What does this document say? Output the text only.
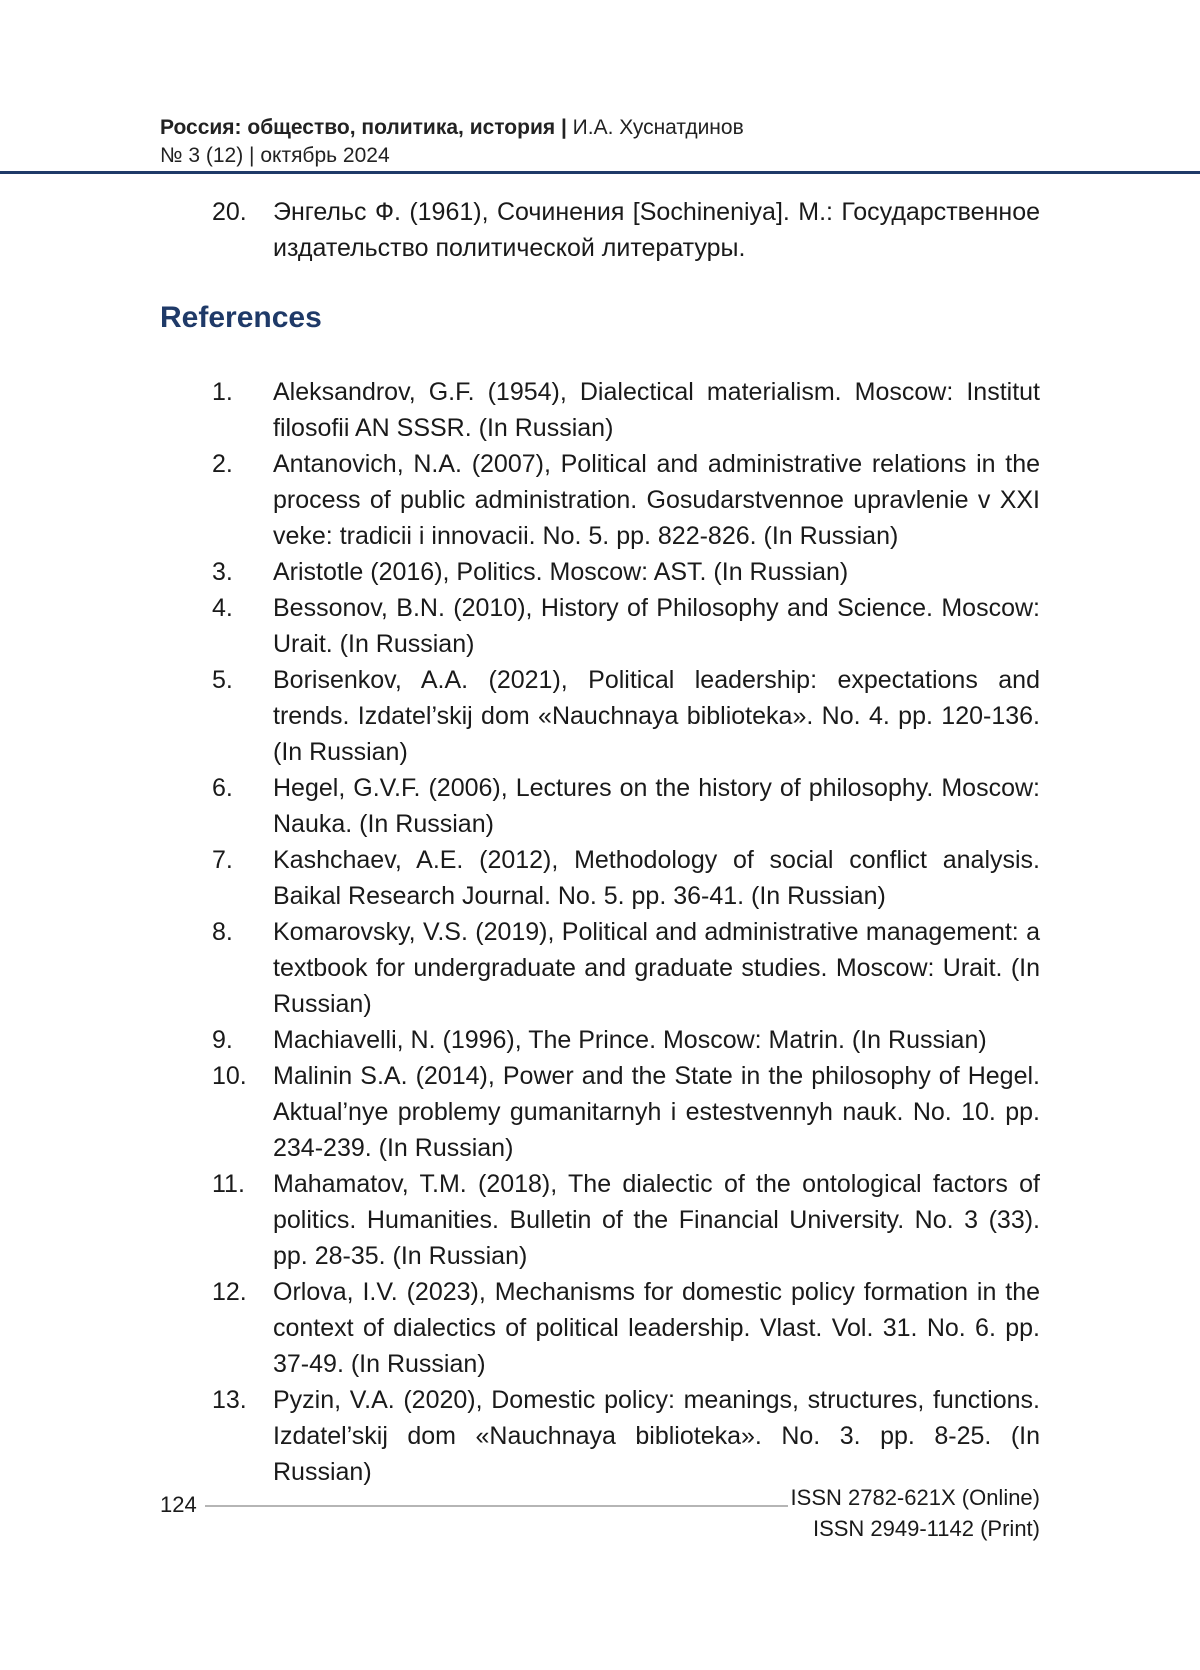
Россия: общество, политика, история | И.А. Хуснатдинов
№ 3 (12) | октябрь 2024
20.	Энгельс Ф. (1961), Сочинения [Sochineniya]. М.: Государственное издательство политической литературы.
References
1.	Aleksandrov, G.F. (1954), Dialectical materialism. Moscow: Institut filosofii AN SSSR. (In Russian)
2.	Antanovich, N.A. (2007), Political and administrative relations in the process of public administration. Gosudarstvennoe upravlenie v XXI veke: tradicii i innovacii. No. 5. pp. 822-826. (In Russian)
3.	Aristotle (2016), Politics. Moscow: AST. (In Russian)
4.	Bessonov, B.N. (2010), History of Philosophy and Science. Moscow: Urait. (In Russian)
5.	Borisenkov, A.A. (2021), Political leadership: expectations and trends. Izdatel’skij dom «Nauchnaya biblioteka». No. 4. pp. 120-136. (In Russian)
6.	Hegel, G.V.F. (2006), Lectures on the history of philosophy. Moscow: Nauka. (In Russian)
7.	Kashchaev, A.E. (2012), Methodology of social conflict analysis. Baikal Research Journal. No. 5. pp. 36-41. (In Russian)
8.	Komarovsky, V.S. (2019), Political and administrative management: a textbook for undergraduate and graduate studies. Moscow: Urait. (In Russian)
9.	Machiavelli, N. (1996), The Prince. Moscow: Matrin. (In Russian)
10.	Malinin S.A. (2014), Power and the State in the philosophy of Hegel. Aktual’nye problemy gumanitarnyh i estestvennyh nauk. No. 10. pp. 234-239. (In Russian)
11.	Mahamatov, T.M. (2018), The dialectic of the ontological factors of politics. Humanities. Bulletin of the Financial University. No. 3 (33). pp. 28-35. (In Russian)
12.	Orlova, I.V. (2023), Mechanisms for domestic policy formation in the context of dialectics of political leadership. Vlast. Vol. 31. No. 6. pp. 37-49. (In Russian)
13.	Pyzin, V.A. (2020), Domestic policy: meanings, structures, functions. Izdatel’skij dom «Nauchnaya biblioteka». No. 3. pp. 8-25. (In Russian)
124	ISSN 2782-621X (Online)
ISSN 2949-1142 (Print)
